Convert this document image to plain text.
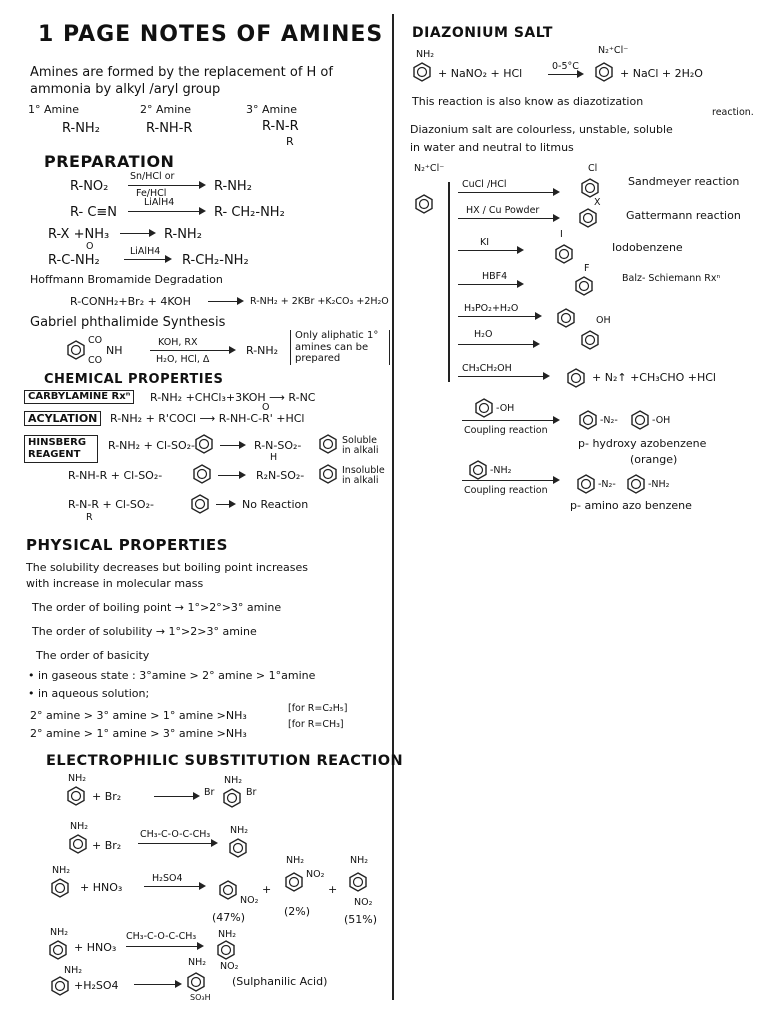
1 PAGE NOTES OF AMINES
Amines are formed by the replacement of H of
ammonia by alkyl /aryl group
1° Amine	2° Amine	3° Amine
R-NH₂	R-NH-R	R-N-R
R
PREPARATION
R-NO₂
Sn/HCl or
Fe/HCl	R-NH₂
R- C≡N
LiAlH4
R- CH₂-NH₂
R-X +NH₃	R-NH₂
O
R-C-NH₂
LiAlH4
R-CH₂-NH₂
Hoffmann Bromamide Degradation
R-CONH₂+Br₂ + 4KOH	R-NH₂ + 2KBr +K₂CO₃ +2H₂O
Gabriel phthalimide Synthesis
CO
NH
CO
KOH, RX
H₂O, HCl, Δ
R-NH₂
Only aliphatic 1° amines can be prepared
CHEMICAL PROPERTIES
CARBYLAMINE Rxⁿ	R-NH₂ +CHCl₃+3KOH ⟶ R-NC
ACYLATION	R-NH₂ + R'COCl ⟶ R-NH-C-R' +HCl
O
HINSBERG REAGENT
R-NH₂ + Cl-SO₂-	R-N-SO₂-
H
Soluble in alkali
R-NH-R + Cl-SO₂-	R₂N-SO₂-	Insoluble in alkali
R-N-R + Cl-SO₂-
R
No Reaction
PHYSICAL PROPERTIES
The solubility decreases but boiling point increases
with increase in molecular mass
The order of boiling point → 1°>2°>3° amine
The order of solubility → 1°>2>3° amine
The order of basicity
• in gaseous state : 3°amine > 2° amine > 1°amine
• in aqueous solution;
2° amine > 3° amine > 1° amine >NH₃
[for R=C₂H₅]
2° amine > 1° amine > 3° amine >NH₃
[for R=CH₃]
ELECTROPHILIC SUBSTITUTION REACTION
NH₂
+ Br₂	Br
NH₂
Br
NH₂
+ Br₂
CH₃-C-O-C-CH₃ NH₂
NH₂
+ HNO₃
H₂SO4
NO₂
+
NH₂
NO₂
+
NH₂
NO₂
(47%)	(2%)
(51%)
NH₂
+ HNO₃
CH₃-C-O-C-CH₃ NH₂
NO₂
NH₂
+H₂SO4
NH₂
SO₃H
(Sulphanilic Acid)
DIAZONIUM SALT
NH₂
+ NaNO₂ + HCl
0-5°C
N₂⁺Cl⁻
+ NaCl + 2H₂O
This reaction is also know as diazotization
reaction.
Diazonium salt are colourless, unstable, soluble
in water and neutral to litmus
N₂⁺Cl⁻
CuCl /HCl
Cl
Sandmeyer reaction
HX / Cu Powder
X
Gattermann reaction
KI
I
Iodobenzene
HBF4
F
Balz- Schiemann Rxⁿ
H₃PO₂+H₂O
H₂O
OH
CH₃CH₂OH
+ N₂↑ +CH₃CHO +HCl
-OH
Coupling reaction
-N₂-	-OH
p- hydroxy azobenzene
(orange)
-NH₂
Coupling reaction
-N₂-	-NH₂
p- amino azo benzene
